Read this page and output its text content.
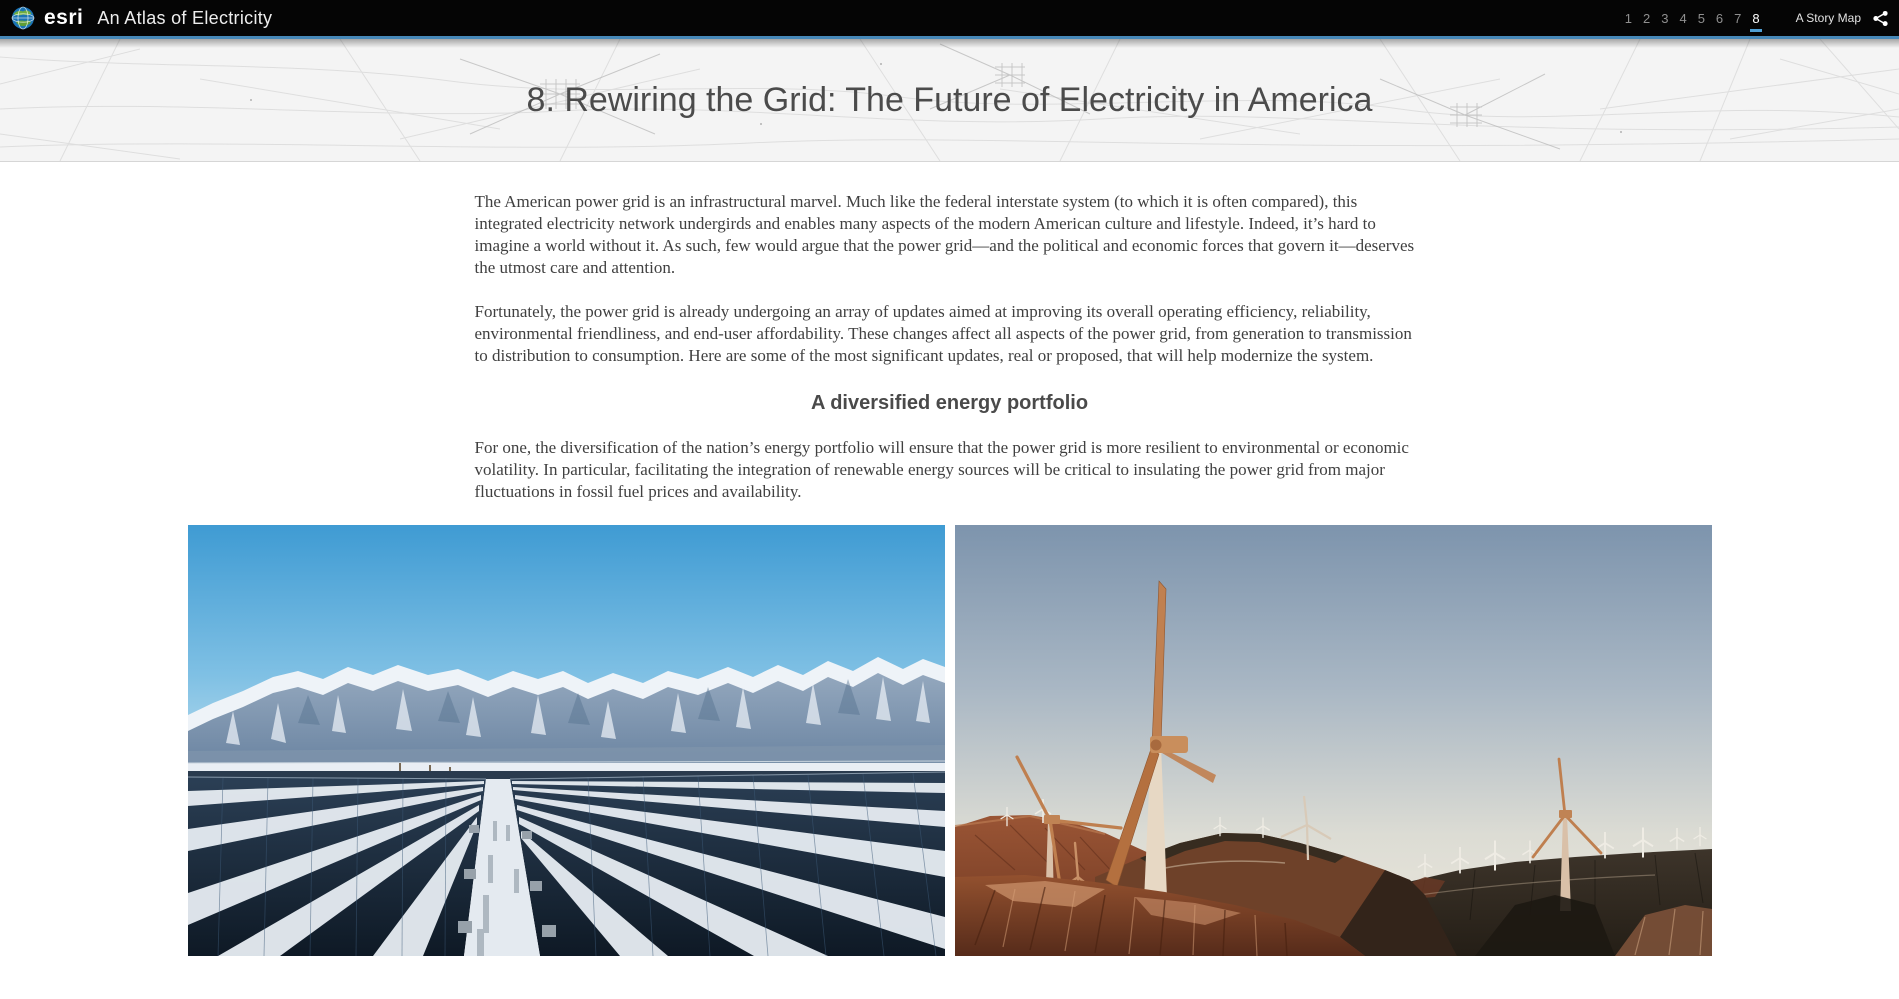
esri An Atlas of Electricity	1 2 3 4 5 6 7 8	A Story Map
8. Rewiring the Grid: The Future of Electricity in America

The American power grid is an infrastructural marvel. Much like the federal interstate system (to which it is often compared), this integrated electricity network undergirds and enables many aspects of the modern American culture and lifestyle. Indeed, it’s hard to imagine a world without it. As such, few would argue that the power grid—and the political and economic forces that govern it—deserves the utmost care and attention.

Fortunately, the power grid is already undergoing an array of updates aimed at improving its overall operating efficiency, reliability, environmental friendliness, and end-user affordability. These changes affect all aspects of the power grid, from generation to transmission to distribution to consumption. Here are some of the most significant updates, real or proposed, that will help modernize the system.

A diversified energy portfolio

For one, the diversification of the nation’s energy portfolio will ensure that the power grid is more resilient to environmental or economic volatility. In particular, facilitating the integration of renewable energy sources will be critical to insulating the power grid from major fluctuations in fossil fuel prices and availability.
